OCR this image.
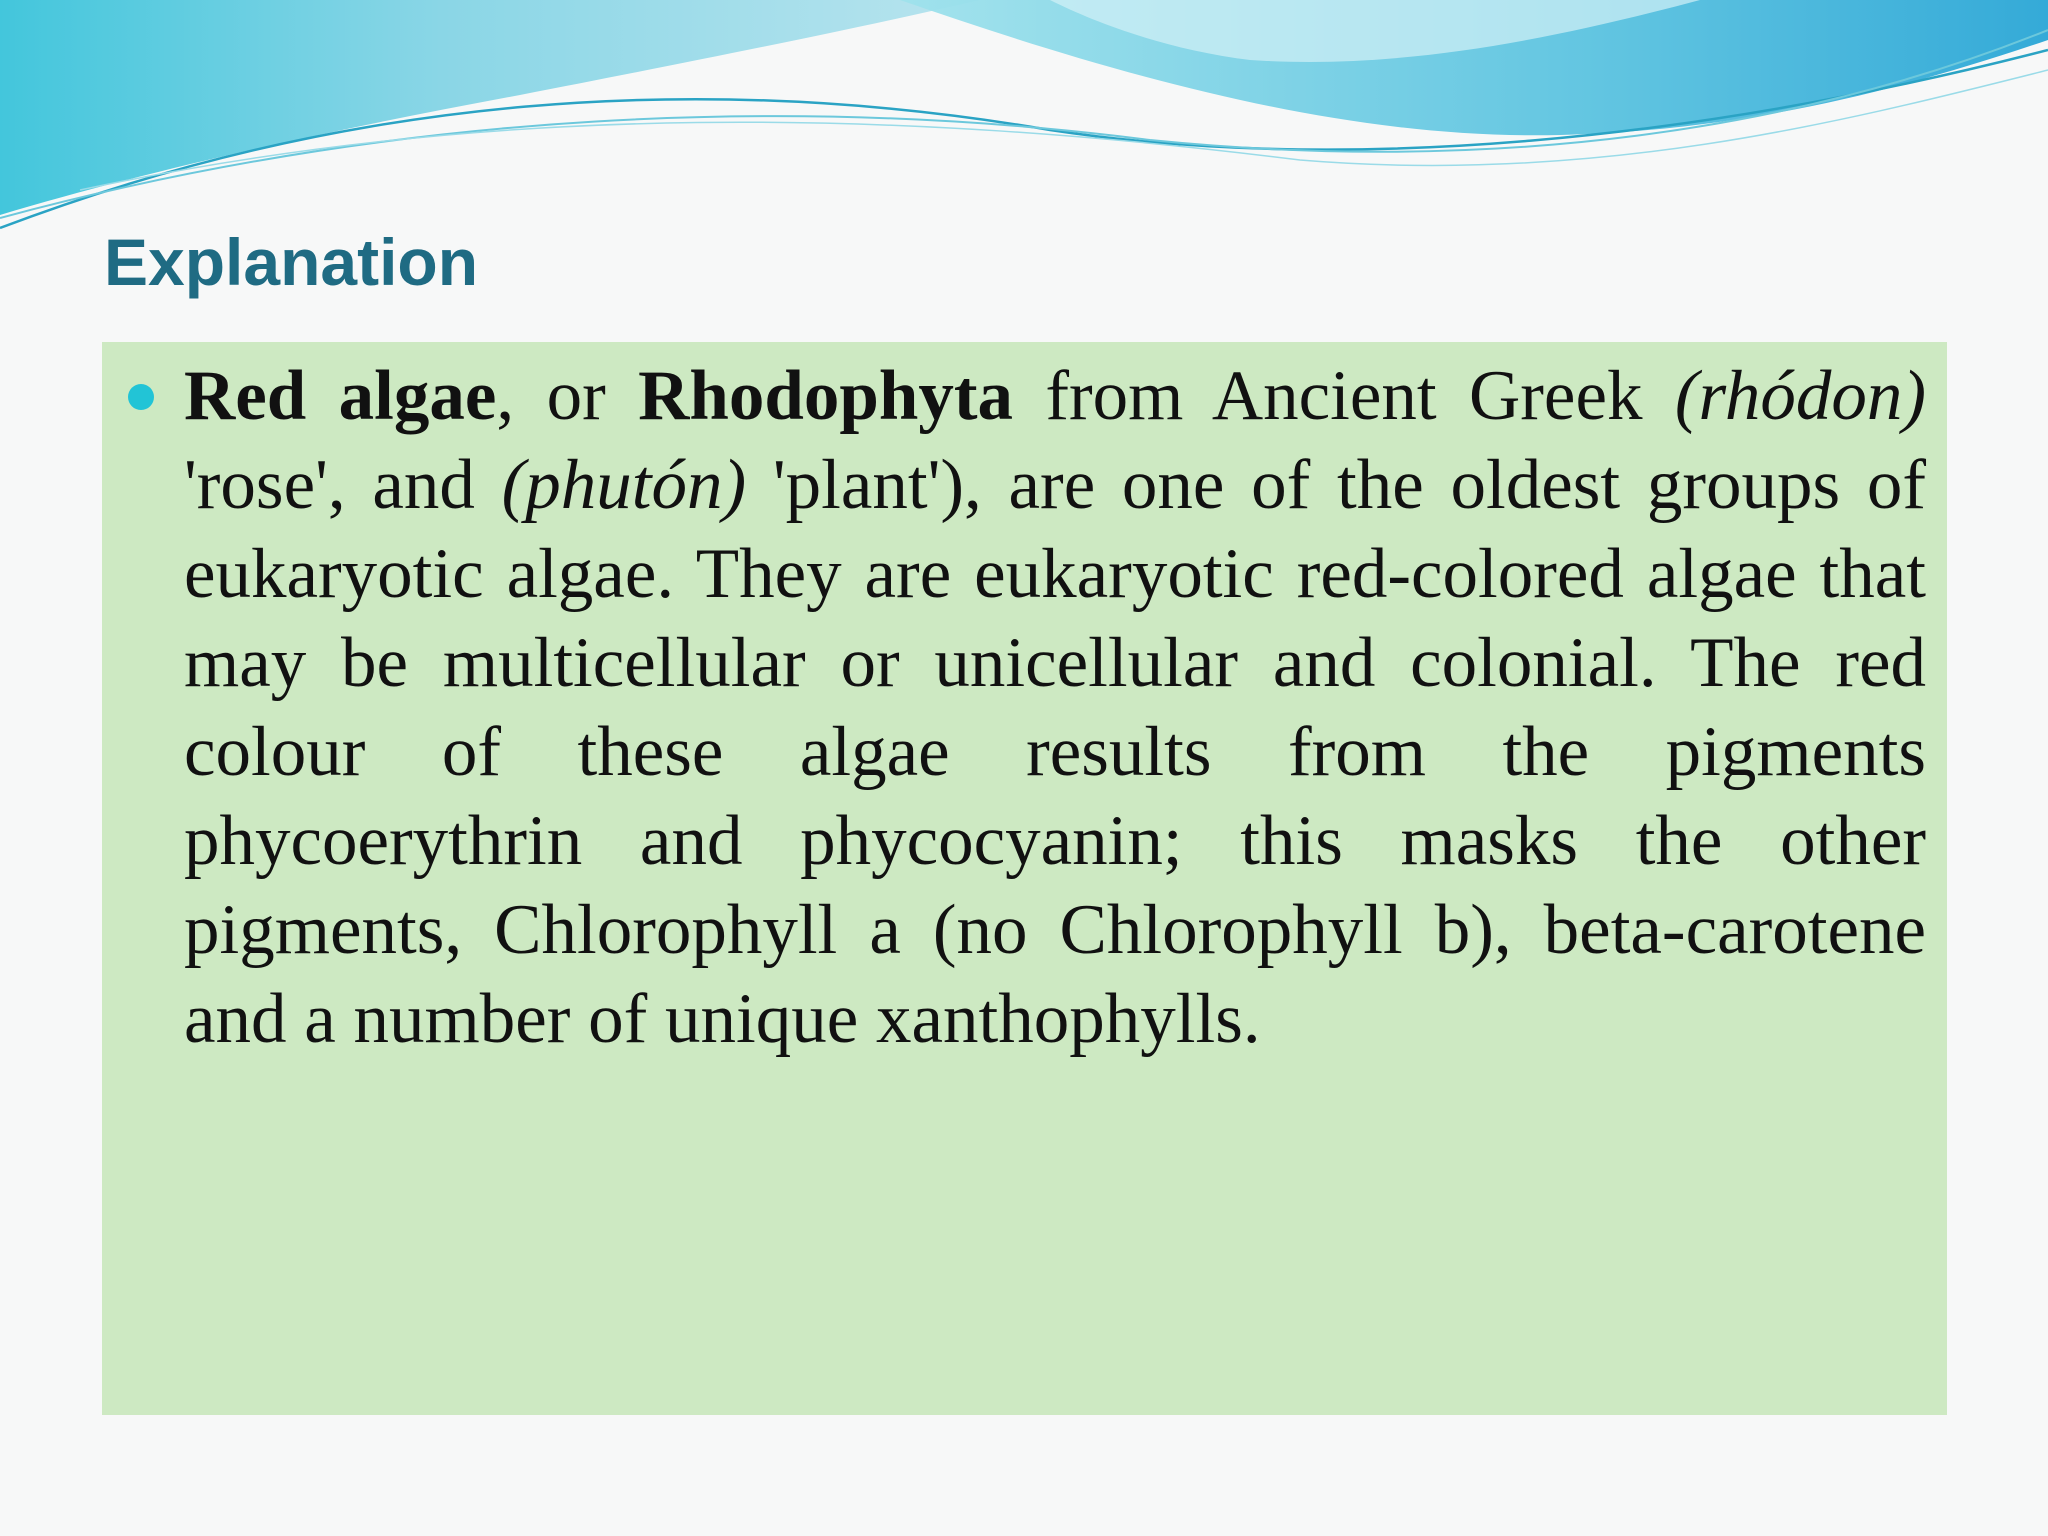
Explanation

Red algae, or Rhodophyta from Ancient Greek (rhódon) 'rose', and (phutón) 'plant'), are one of the oldest groups of eukaryotic algae. They are eukaryotic red-colored algae that may be multicellular or unicellular and colonial. The red colour of these algae results from the pigments phycoerythrin and phycocyanin; this masks the other pigments, Chlorophyll a (no Chlorophyll b), beta-carotene and a number of unique xanthophylls.
